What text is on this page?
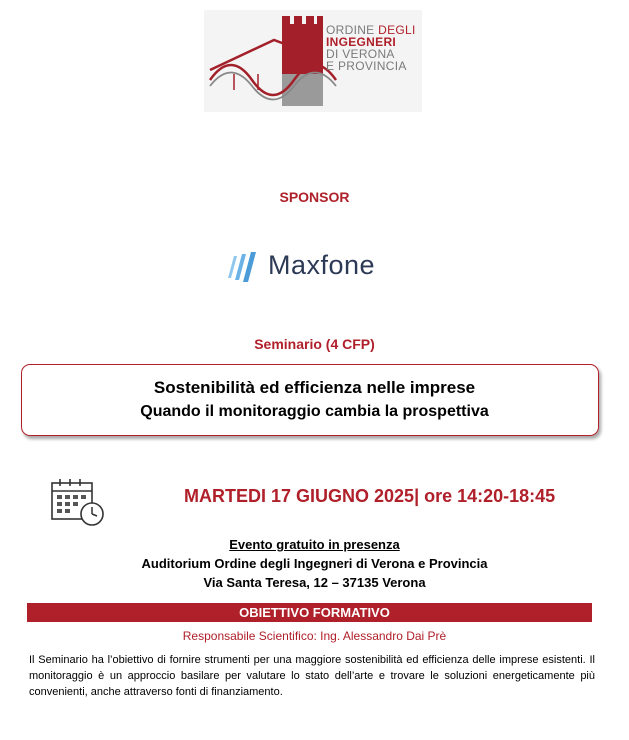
ORDINE DEGLI
INGEGNERI
DI VERONA
E PROVINCIA
SPONSOR
Maxfone
Seminario (4 CFP)
Sostenibilità ed efficienza nelle imprese
Quando il monitoraggio cambia la prospettiva
MARTEDI 17 GIUGNO 2025| ore 14:20-18:45
Evento gratuito in presenza
Auditorium Ordine degli Ingegneri di Verona e Provincia
Via Santa Teresa, 12 – 37135 Verona
OBIETTIVO FORMATIVO
Responsabile Scientifico: Ing. Alessandro Dai Prè
Il Seminario ha l’obiettivo di fornire strumenti per una maggiore sostenibilità ed efficienza delle imprese esistenti. Il monitoraggio è un approccio basilare per valutare lo stato dell’arte e trovare le soluzioni energeticamente più convenienti, anche attraverso fonti di finanziamento.
